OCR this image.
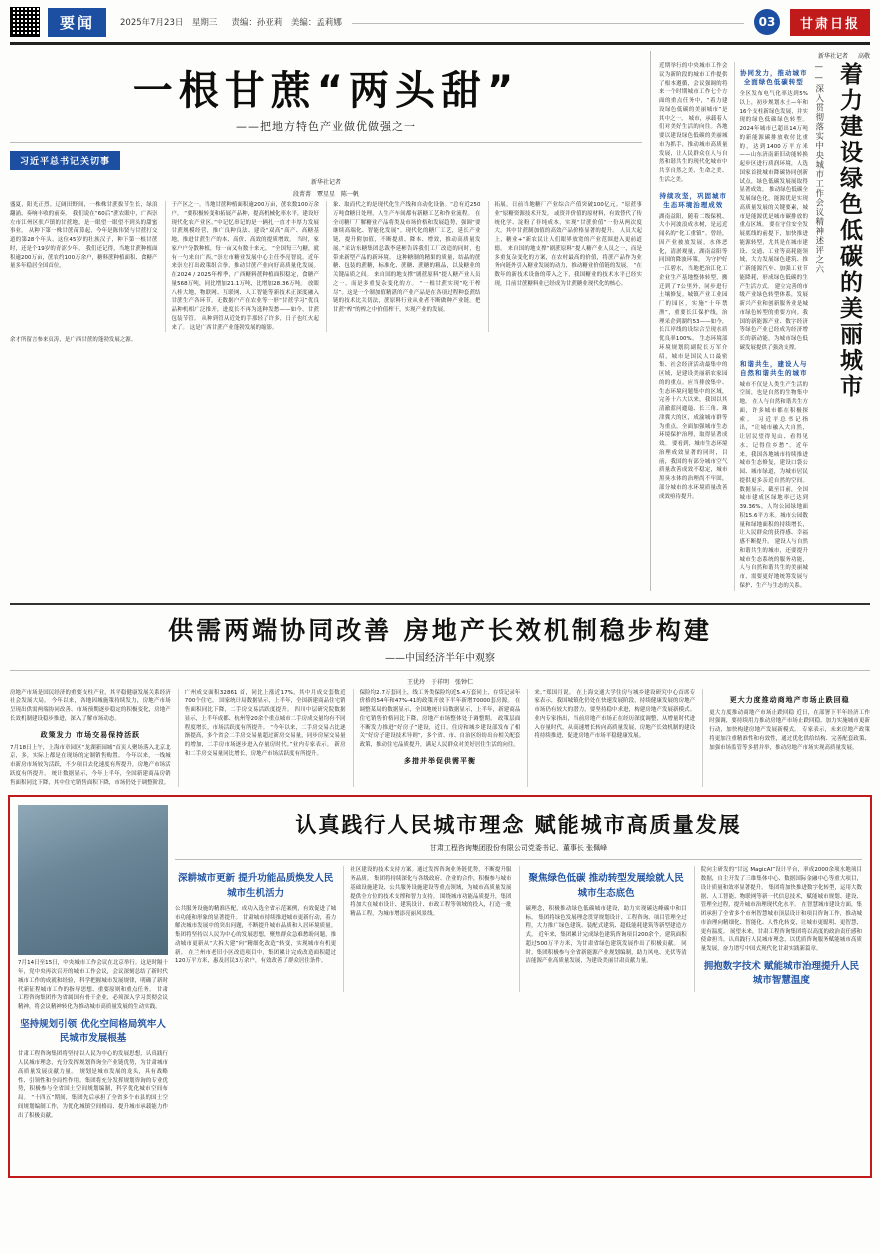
要闻	2025年7月23日　星期三 责编：孙亚莉　美编：孟莉娜	03	甘肃日报
一根甘蔗“两头甜”
——把地方特色产业做优做强之一
习近平总书记关切事
新华社记者
段菁菁　覃星星　陈一帆
盛夏，阳光正烈。辽阔田野间，一株株甘蔗拔节生长，绿浪翻涌，奏响丰收的前奏。 我们说在“60后”蔗农眼中，广西崇左市江州区驮卢镇的甘蔗地，是一眼望一眼望不到头的甜蜜事业。 从种下第一株甘蔗苗算起，今年是陈伟贤与甘蔗打交道的第28个年头。这位45岁的壮族汉子，种下第一根甘蔗时，还是个19岁的青涩少年。 我们还记得，当地甘蔗种植面积逾200万亩，蔗农约100万余户，糖料蔗种植面积、食糖产量多年稳居全国首位。
于产区之一。当地甘蔗种植面积逾200万亩，蔗农数100万余户。 “要积极转变和拓展产品种，提高机械化率水平，建设好现代化农产业区。”中记忆串记的是一辆扎一直才丰厚力发展甘蔗规模经营，推广良种良法、建设“双高”高产、高糖基地，推进甘蔗生产的本、高价、高效的提质增效。 当时，家家户户分散种植，每一亩又有数十来元。 “全国每三勺糖，就有一勺来自广西。”崇左市糖业发展中心主任李亮智说，近年来崇左打出政策组合拳，推动甘蔗产业向好高质量化发展。 在2024 / 2025年榨季，广西糖料蔗种植面积稳定，食糖产量568万吨，同比增加21.1万吨，比增加28.36万吨。 放眼八桂大地，物联网、互联网、人工智能等新技术正深度融入甘蔗生产各环节。无数据户产在农业等一形“甘蔗学习”优良品种机相广泛推开，进度长不再为选种发愁——如今，甘蔗包装节管。 从种到管从近处的手那轻了许多，日子也红火起来了。 这是广西甘蔗产业蓬勃发展的缩影。
象、取而代之的是现代化生产线和自动化设备。“总有近250万吨食糖日处理，人生产车间都有新糖工艺和作业流程。 在全司糖厂厂解糖业产品将类及市场价格和发展趋势，强调“要继续高端化、智能化发展”。现代化的糖厂工艺，延长产业链，提升附加值，不断提质、降本、增效，推动高质量发展。”采访东糖集团总裁李延彬告诉我们工厂改造的同时，也带来新型产品的新环境。 这种糖制的精果的质量，结晶的蔗糖、包装的蔗糖，标准化、蔗糖、蔗糖的粗品，以及糖业的关键品质之间。 来自国的地支撑“剧蔗原料”提人糖产业人员之一，而是多重复杂变化的方。 “一根甘蔗实现“吃干榨尽”。这是一个制加值精湛的产业产品是在各项过程种套蔗结链的技术比关切法，蔗原料行业从业者不断做种产业链。把甘蔗“榨”的榨之中价值榨干，实现产业的发展。
拓展，日前当地糖厂产业综合产值突破100亿元。“原蔗事业”原糖资源技术开发。 或资并价值的原材料，有效替代了传统化学、淀粉了非纯成本，实现“甘蔗价值”一份从两次度大，其中甘蔗制加值的高效产品价格显著的提升。 人员大起上，糖业+“新农民让人们眼界放宽的产业范围进入更前道德。 来自国的地支撑“剧蔗原料”提人糖产业人员之一，而是多重复杂变化的方案，在农村最高的价值，将蔗产品作为业务向链外引入糖业发展的动力，推动糖业价值链的发展。 “在数年的新技术设备的带入之下，我国糖业的技术水平已经实现，目前甘蔗糖料业已经成为甘蔗糖业现代化的核心。
余才所留言参来页涛，是广西甘蔗的蓬勃发展之源。
新华社记者 高敬
着力建设绿色低碳的美丽城市
——深入贯彻落实中央城市工作会议精神述评之六
近期举行的中央城市工作会议为新阶段的城市工作提供了根本遵循，会议强调的将来一个时期城市工作七个方面的重点任务中，“着力建设绿色低碳的美丽城市”是其中之一。 城市，承载着人们对美好生活的向往。各地要以建设绿色低碳的美丽城市为抓手，推动城市高质量发展，让人民群众在人与自然和谐共生的现代化城市中共享自然之美、生命之美、生活之美。
持续攻坚，巩固城市生态环境治理成效
湖南益阳，随着二级保税、大小河波浪成水树，是远近闻名的“化工重镇”。曾经，因产业被放发展，水体恶化，清淤观量，湖南益阳等同国的降波环策。 为守护好一江碧水，当地把治江化工企业生产基地整体转型，搬迁到了7公里外，同步进行土壤修复。城镇产业工业园厂的园区，实施“十年禁渔”，重要长江保护线，治理采企到湖约53——如今，长江岸线的设综合呈现水质优良率100%。 生态环境部环境规划院副院长万军介绍，城市是国民人口最密集、社会经济活动最集中的区域，是建设美丽新农家园的的重点。应当排放集中、生态环境问题集中的区域，完善十六大以来，我国以其清澈蓝问邋遢、长三角、珠津冀大的区，成渝城市群等为重点，全面加强城市生态环境保护治理，取得显著成效。 要看到，城市生态环境治理成效显著的同时，目前，我国的有部分城市空气质量改善成效不稳定，城市黑臭水体的治理尚不牢固，部分城市的水环境质量改善成效亟待提升。
协同发力，推动城市全面绿色低碳转型
全区发布电气化率达到5%以上，初步规划水土—年和16个支柱新绿色发展，并实现的绿色低碳绿色转型。2024年城市已超出14万吨的新能源碳排放收付比重的，达到1400万平方米——山东济南新旧动能转换起步区进行质润环境，人选国家首批城市降碳协同创新试点，绿色低碳发展展取得显著成效。 推动绿色低碳全发展绿色化，能源优是实现高质量发展的关键要素，城市是能源优是城市碳排放的重点区域。 要在守住安全发展底线的前提下，加快推进能源转型，尤其是在城市建设、交通、工业等高耗能领域，大力发展绿色建筑、推广新能源汽车、加强工业节能降耗，形成绿色低碳的生产生活方式。 建立完善的市级产业绿色转型体系，发展新兴产业和创新服务业是城市绿色转型的重要方向。我国的新能源产业、数字经济等绿色产业已经成为经济增长的新动能，为城市绿色低碳发展提供了强劲支撑。
和谐共生，建设人与自然和谐共生的城市
城市不仅是人类生产生活的空间，也是自然的生物集中地。 在人与自然和谐共生方面，许多城市都在积极探索。 习近平总书记指出，“让城市融入大自然，让居民望得见山、看得见水、记得住乡愁”。近年来，我国各地城市持续推进城市生态修复，建设口袋公园、城市绿道，为城市居民提供更多亲近自然的空间。 数据显示，截至目前，全国城市建成区绿地率已达到39.36%，人均公园绿地面积15.6平方米。城市公园数量和绿地面积的持续增长，让人民群众的获得感、幸福感不断提升。 建设人与自然和谐共生的城市，还要提升城市生态系统的服务功能，人与自然和谐共生的美丽城市，需要更好地统筹发展与保护、生产与生态的关系。
供需两端协同改善 房地产长效机制稳步构建
——中国经济半年中观察
王优玲　于祥明　张钟仁
房地产市场是国民经济的重要支柱产业，其平稳健康发展关系经济社会发展大局。 今年以来，各地因城施策持续发力，房地产市场呈现出供需两端协同改善、市场预期逐步稳定的积极变化，房地产长效机制建设稳步推进，深入了解市场动态。
政策发力 市场交易保持活跃
7月18日上午，上海市章园区“龙湖新园城”首页人聚场落入北京北京，多，实际上都是在现场的定制销售购置。 今年以来，一线城市新房市场较为活跃，不少项目去化速度有所提升，房地产市场活跃度有所提升。 统计数据显示，今年上半年，全国新建商品房销售面积同比下降，其中住宅销售面积下降，市场仍处于调整阶段。
广州成交面积32861 首，同比上涨近17%，其中月成交套数近700个住宅。 国家统计局数据显示，上半年，全国新建商品住宅销售面积同比下降，二手房交易活跃度提升。 四川中层研究院数据显示，上半年成都、杭州等20余个重点城市二手房成交量均有不同程度增长，市场活跃度有所提升。 “今年以来，二手房交易占比逐渐提高，多个省会二手房交易量超过新房交易量，同步房屋交易量的增加，二手房市场逐步进入存量房时代。”业内专家表示。 新房和二手房交易量同比增长，房地产市场活跃度有所提升。
保险均2.7万套同上，线工务类保险均近5.4万套同上，存贷记录年价格的54年和47%-41的政策开放下半年新增70000套房源。 在调整某局的数据显示，全国地统计局数据显示，上半年，新建商品住宅销售价格同比下降，房地产市场整体处于调整期。 政策层面不断发力推进“好房子”建设，近日，住房和城乡建设部发布了相关“好房子建设技术导则”，多个省、市、自治区纷纷出台相关配套政策，推动住宅品质提升，满足人民群众对美好居住生活的向往。
多措并举促供需平衡
来。”郑国月说。 在上海交通大学住房与城乡建设研究中心首席专家表示，我国城镇化仍处在快速发展阶段，持续健康发展的房地产市场仍有较大的潜力，要坚持稳中求进，构建房地产发展新模式。 业内专家指出，当前房地产市场正在经历深度调整，从增量时代进入存量时代，从高速增长转向高质量发展，房地产长效机制的建设将持续推进，促进房地产市场平稳健康发展。
更大力度推动商地产市场止跌回稳
更大力度推动商地产市场止跌回稳 近日，在部署下半年经济工作时强调，要持续用力推动房地产市场止跌回稳，加力实施城市更新行动，加快构建房地产发展新模式。 专家表示，未来房地产政策将更加注重精准性和有效性，通过优化供给结构、完善配套政策、加强市场监管等多措并举，推动房地产市场实现高质量发展。
7月14日至15日，中央城市工作会议在北京举行。这是时隔十年，党中央再次召开的城市工作会议，会议深刻总结了新时代城市工作的成就和经验，科学把握城市发展规律，明确了新时代新征程城市工作的指导思想、重要原则和重点任务。 甘肃工程咨询集团作为省属国有骨干企业，必须深入学习贯彻会议精神，将会议精神转化为推动城市高质量发展的生动实践。
坚持规划引领 优化空间格局筑牢人民城市发展根基
甘肃工程咨询集团将坚持以人民为中心的发展思想，认真践行人民城市理念，充分发挥规划咨询全产业链优势，为甘肃城市高质量发展贡献力量。 规划是城市发展的龙头，具有战略性、引领性和全局性作用。集团将充分发挥规划咨询的专业优势，积极参与全省国土空间规划编制，科学优化城市空间布局。 “十四五”期间，集团先后承担了全省多个市县的国土空间规划编制工作，为优化城镇空间格局、提升城市承载能力作出了积极贡献。
认真践行人民城市理念 赋能城市高质量发展
甘肃工程咨询集团股份有限公司党委书记、董事长 张佩峰
深耕城市更新 提升功能品质焕发人民城市生机活力
公共服务设施的精准匹配，成功入选全省示范案例，有效促进了城市功能和形象的显著提升。 甘肃城市持续推进城市更新行动，着力解决城市发展中的突出问题，不断提升城市品质和人居环境质量。 集团将坚持以人民为中心的发展思想，聚焦群众急难愁盼问题，推动城市更新从“大拆大建”向“精细化改造”转变，实现城市有机更新。 在兰州市老旧小区改造项目中，集团累计完成改造面积超过120万平方米，惠及居民3万余户，有效改善了群众居住条件。
社区建设的技术支持方案。通过发挥咨询业务链优势，不断提升服务品质。 集团将持续深化与各级政府、企业的合作，积极参与城市基础设施建设、公共服务设施建设等重点领域，为城市高质量发展提供全方位的技术支撑和智力支持。 围绕城市功能品质提升，集团将加大在城市设计、建筑设计、市政工程等领域的投入，打造一批精品工程，为城市增添亮丽风景线。
聚焦绿色低碳 推动转型发展绘就人民城市生态底色
碳理念，积极推动绿色低碳城市建设，助力实现碳达峰碳中和目标。 集团将绿色发展理念贯穿规划设计、工程咨询、项目管理全过程，大力推广绿色建筑、装配式建筑、超低能耗建筑等新型建造方式。 近年来，集团累计完成绿色建筑咨询项目200余个，建筑面积超过500万平方米，为甘肃省绿色建筑发展作出了积极贡献。 同时，集团积极参与全省新能源产业规划编制，助力风电、光伏等清洁能源产业高质量发展，为建设美丽甘肃贡献力量。
院向主研发的“甘远 MagicAI”设计平台，率成2000余项水地项目数据，自主开发了三维集体中心、数据国际金融中心等重大项目，设计质量和效率显著提升。 集团将加快推进数字化转型，运用大数据、人工智能、物联网等新一代信息技术，赋能城市规划、建设、管理全过程，提升城市治理现代化水平。 在智慧城市建设方面，集团承担了全省多个市州智慧城市顶层设计和项目咨询工作，推动城市治理向精细化、智能化、人性化转变，让城市更聪明、更智慧、更有温度。 展望未来，甘肃工程咨询集团将以高度的政治责任感和使命担当，认真践行人民城市理念，以优质咨询服务赋能城市高质量发展，奋力谱写中国式现代化甘肃实践新篇章。
拥抱数字技术 赋能城市治理提升人民城市智慧温度
